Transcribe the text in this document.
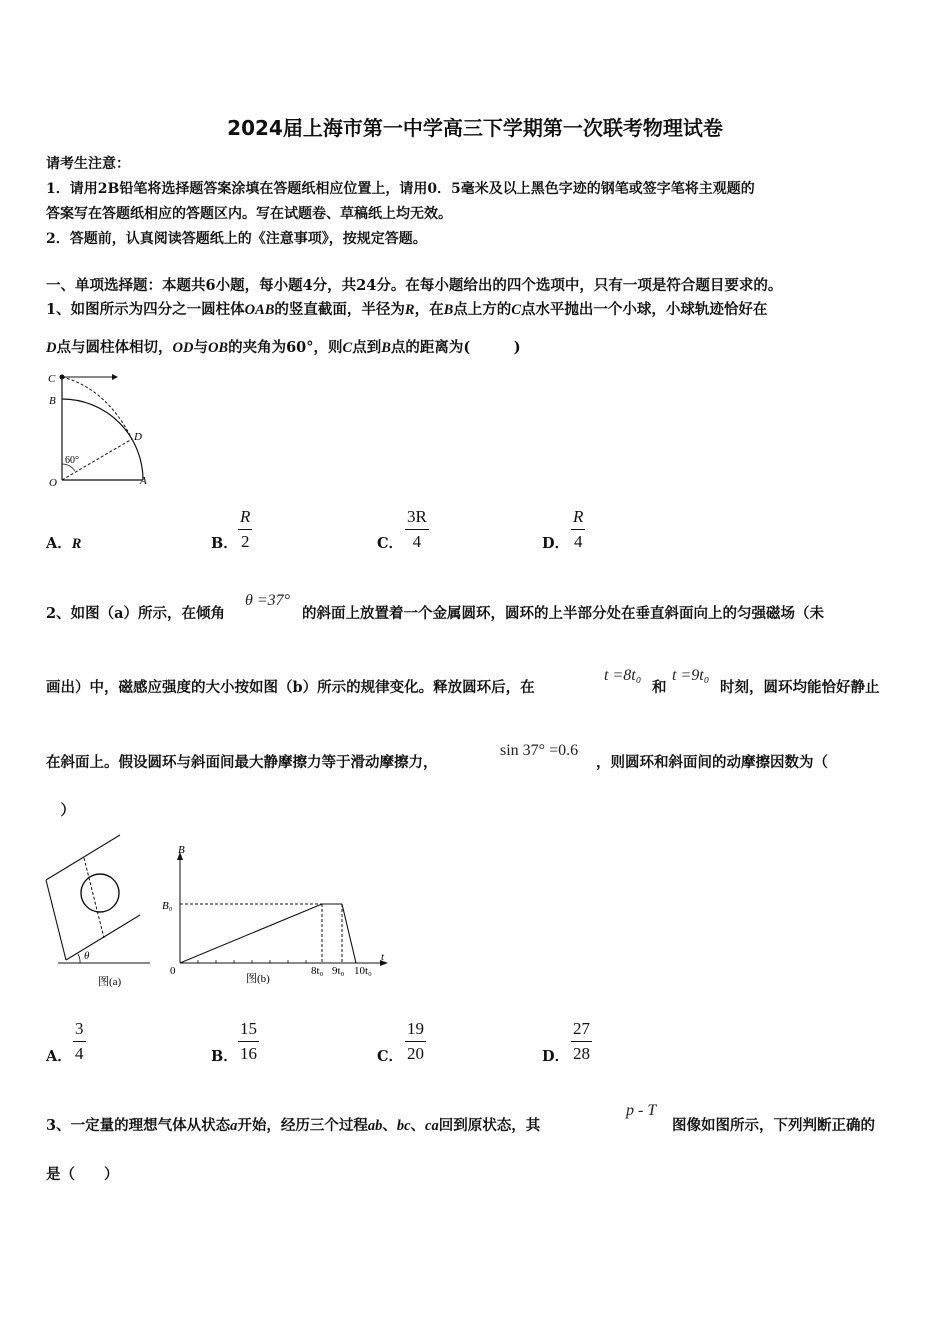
2024届上海市第一中学高三下学期第一次联考物理试卷
请考生注意：
1．请用2B铅笔将选择题答案涂填在答题纸相应位置上，请用0．5毫米及以上黑色字迹的钢笔或签字笔将主观题的
答案写在答题纸相应的答题区内。写在试题卷、草稿纸上均无效。
2．答题前，认真阅读答题纸上的《注意事项》，按规定答题。
一、单项选择题：本题共6小题，每小题4分，共24分。在每小题给出的四个选项中，只有一项是符合题目要求的。
1、如图所示为四分之一圆柱体OAB的竖直截面，半径为R，在B点上方的C点水平抛出一个小球，小球轨迹恰好在
D点与圆柱体相切，OD与OB的夹角为60°，则C点到B点的距离为(　　　)
C
B
D
O	A
60°
A．R	B．
R
2	C．
3R
4	D．
R
4
2、如图（a）所示，在倾角
θ =37°
的斜面上放置着一个金属圆环，圆环的上半部分处在垂直斜面向上的匀强磁场（未
画出）中，磁感应强度的大小按如图（b）所示的规律变化。释放圆环后，在
t =8t₀
和
t =9t₀
时刻，圆环均能恰好静止
在斜面上。假设圆环与斜面间最大静摩擦力等于滑动摩擦力，
sin 37° =0.6
，则圆环和斜面间的动摩擦因数为（
　）
θ
图(a)
B
B₀
0	8t₀ 9t₀ 10t₀
t
图(b)
A．
3
4	B．
15
16	C．
19
20	D．
27
28
3、一定量的理想气体从状态a开始，经历三个过程ab、bc、ca回到原状态，其
p - T
图像如图所示，下列判断正确的
是（　　）
